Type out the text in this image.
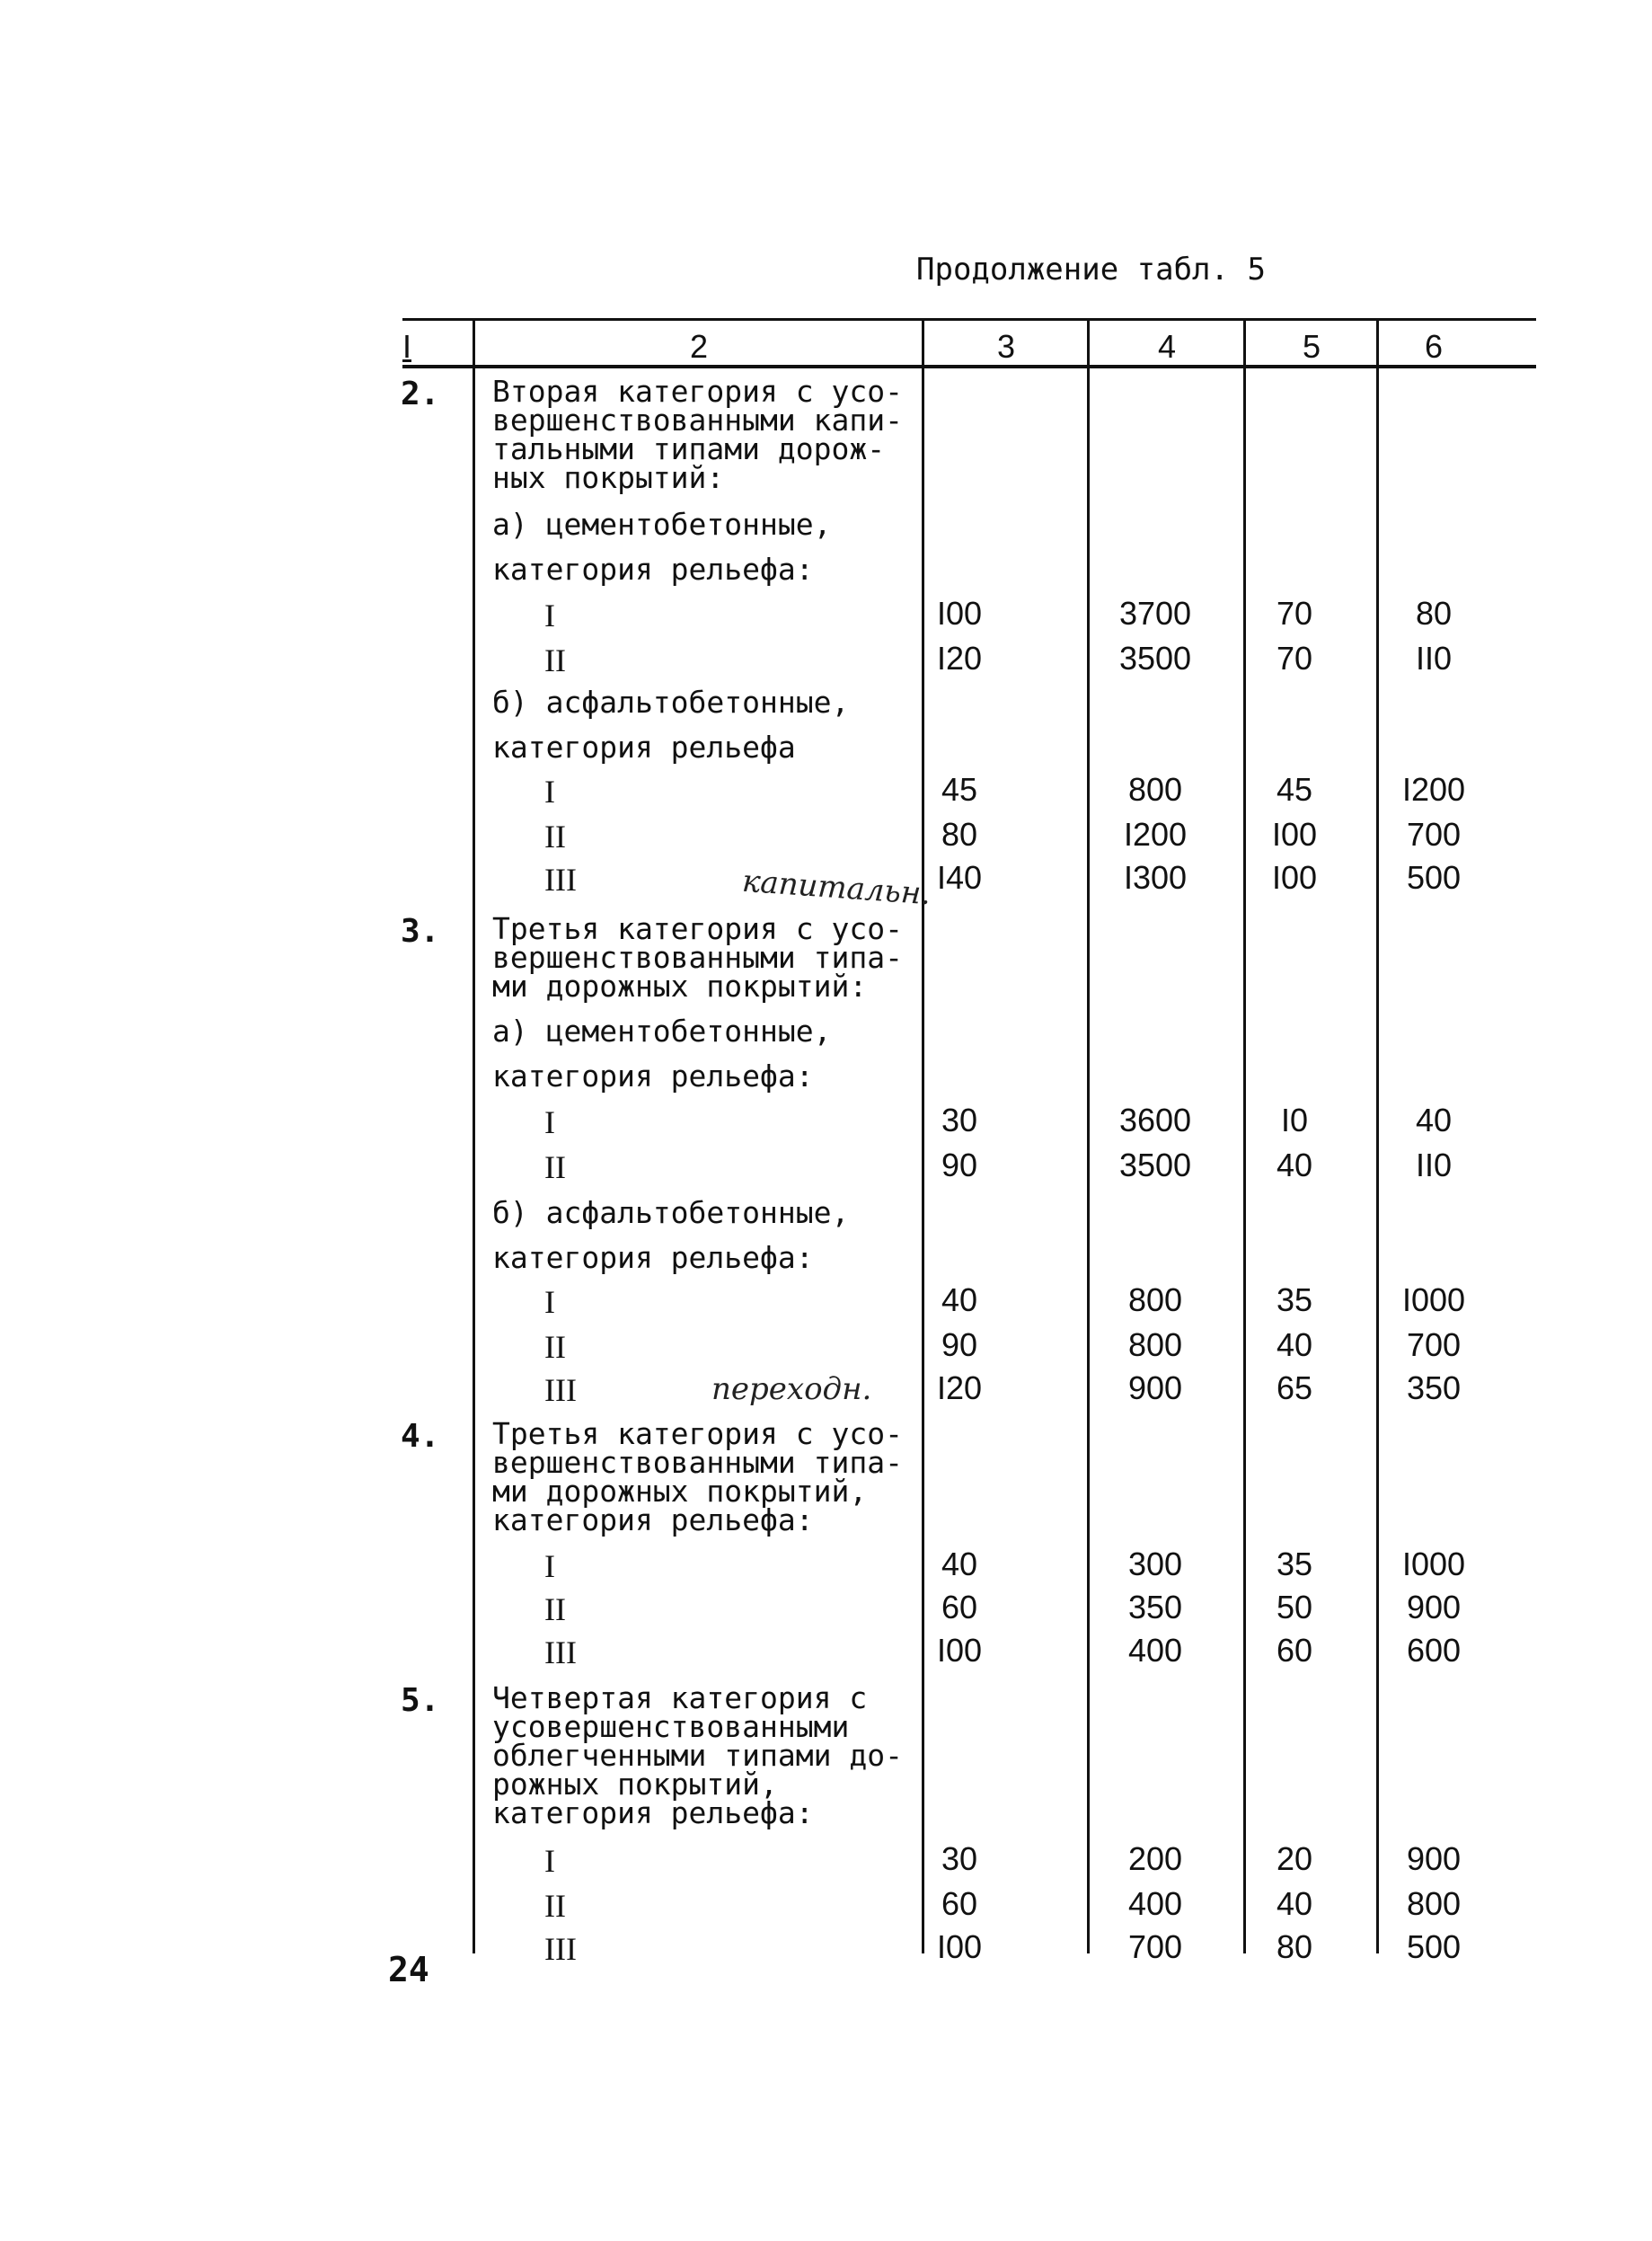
Продолжение табл. 5
I	2	3	4	5	6
2. Вторая категория с усо-
вершенствованными капи-
тальными типами дорож-
ных покрытий:
а) цементобетонные,
категория рельефа:
I	I00	3700	70	80
II	I20	3500	70	II0
б) асфальтобетонные,
категория рельефа
I	45	800	45	I200
II	80	I200	I00	700
III	I40	I300	I00	500
капитальн.
3. Третья категория с усо-
вершенствованными типа-
ми дорожных покрытий:
а) цементобетонные,
категория рельефа:
I	30	3600	I0	40
II	90	3500	40	II0
б) асфальтобетонные,
категория рельефа:
I	40	800	35	I000
II	90	800	40	700
III	I20	900	65	350
переходн.
4. Третья категория с усо-
вершенствованными типа-
ми дорожных покрытий,
категория рельефа:
I	40	300	35	I000
II	60	350	50	900
III	I00	400	60	600
5. Четвертая категория с
усовершенствованными
облегченными типами до-
рожных покрытий,
категория рельефа:
I	30	200	20	900
II	60	400	40	800
III	I00	700	80	500
24
